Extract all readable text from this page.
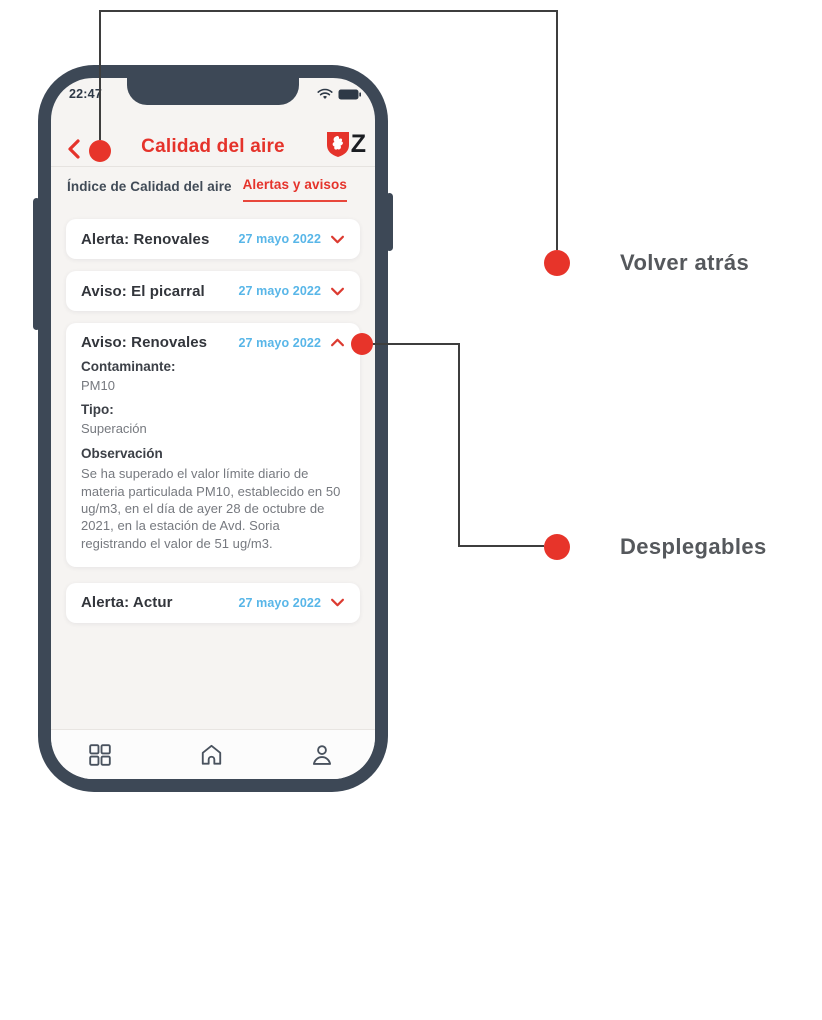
Volver atrás
Desplegables
22:47
Calidad del aire	Z
Índice de Calidad del aire Alertas y avisos
Alerta: Renovales 27 mayo 2022
Aviso: El picarral	27 mayo 2022
Aviso: Renovales	27 mayo 2022
Contaminante:
PM10
Tipo:
Superación
Observación
Se ha superado el valor límite diario de materia particulada PM10, establecido en 50 ug/m3, en el día de ayer 28 de octubre de 2021, en la estación de Avd. Soria registrando el valor de 51 ug/m3.
Alerta: Actur	27 mayo 2022
